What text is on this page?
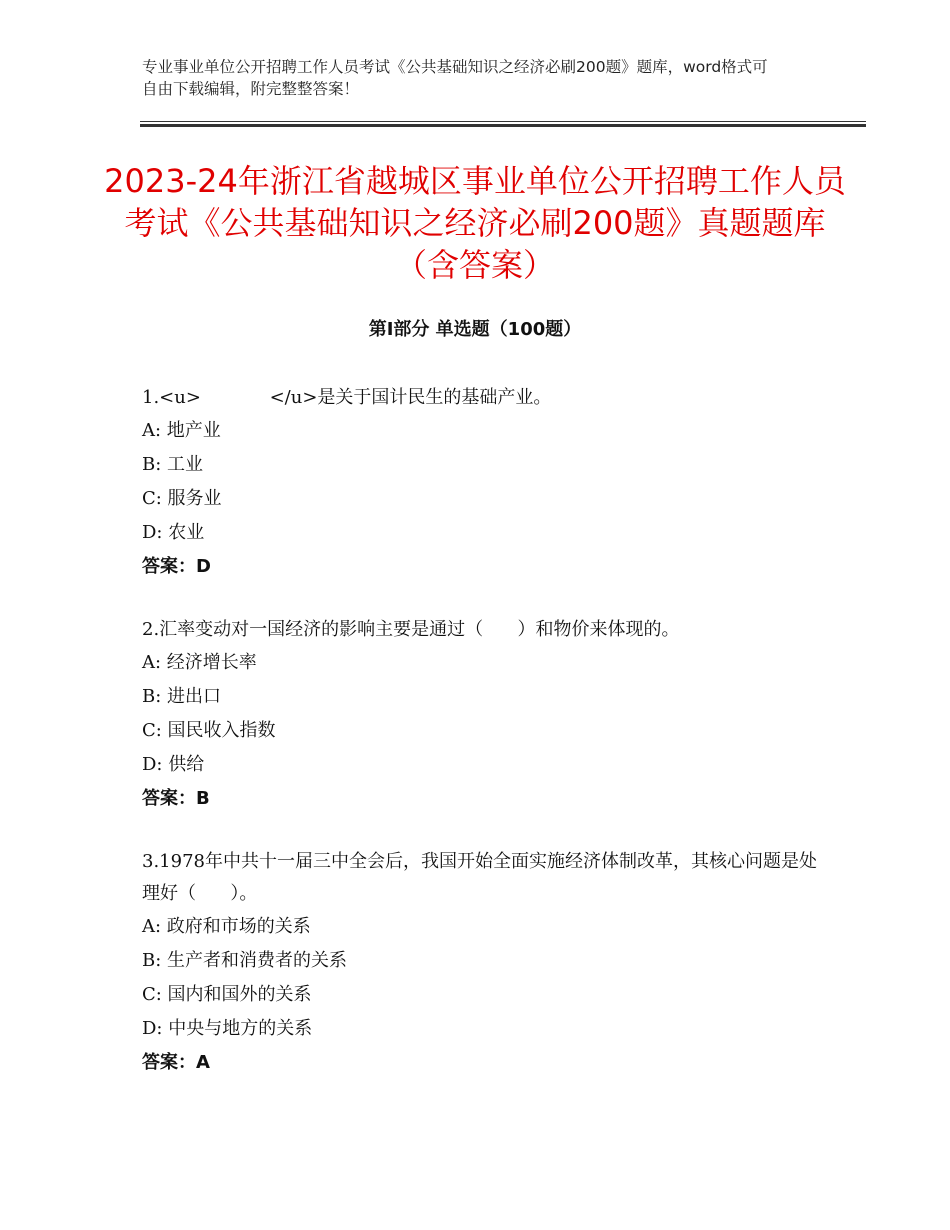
专业事业单位公开招聘工作人员考试《公共基础知识之经济必刷200题》题库，word格式可自由下载编辑，附完整整答案！
2023-24年浙江省越城区事业单位公开招聘工作人员考试《公共基础知识之经济必刷200题》真题题库（含答案）
第Ⅰ部分 单选题（100题）
1.<u>            </u>是关于国计民生的基础产业。
A: 地产业
B: 工业
C: 服务业
D: 农业
答案：D
2.汇率变动对一国经济的影响主要是通过（      ）和物价来体现的。
A: 经济增长率
B: 进出口
C: 国民收入指数
D: 供给
答案：B
3.1978年中共十一届三中全会后，我国开始全面实施经济体制改革，其核心问题是处理好（      ）。
A: 政府和市场的关系
B: 生产者和消费者的关系
C: 国内和国外的关系
D: 中央与地方的关系
答案：A
